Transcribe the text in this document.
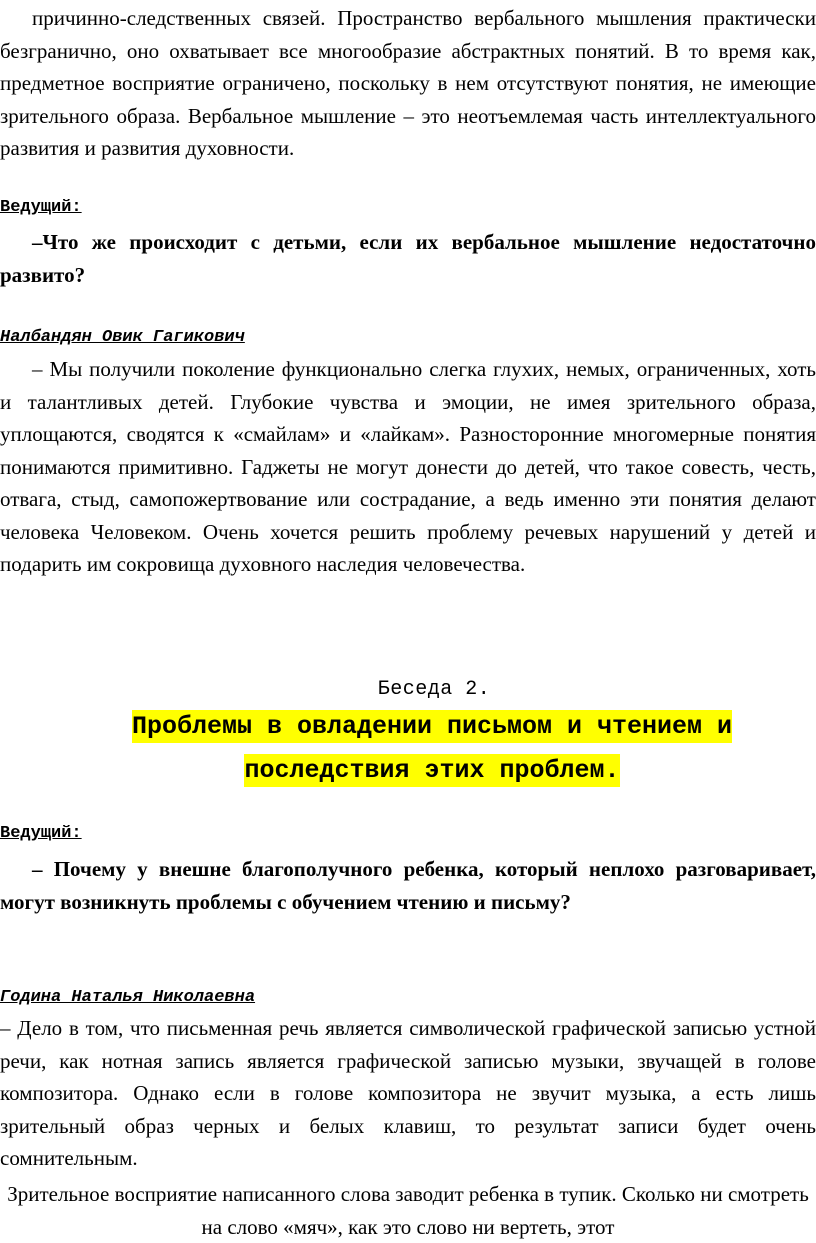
причинно-следственных связей. Пространство вербального мышления практически безгранично, оно охватывает все многообразие абстрактных понятий. В то время как, предметное восприятие ограничено, поскольку в нем отсутствуют понятия, не имеющие зрительного образа. Вербальное мышление – это неотъемлемая часть интеллектуального развития и развития духовности.

Ведущий:

–Что же происходит с детьми, если их вербальное мышление недостаточно развито?

Налбандян Овик Гагикович

– Мы получили поколение функционально слегка глухих, немых, ограниченных, хоть и талантливых детей. Глубокие чувства и эмоции, не имея зрительного образа, уплощаются, сводятся к «смайлам» и «лайкам». Разносторонние многомерные понятия понимаются примитивно. Гаджеты не могут донести до детей, что такое совесть, честь, отвага, стыд, самопожертвование или сострадание, а ведь именно эти понятия делают человека Человеком. Очень хочется решить проблему речевых нарушений у детей и подарить им сокровища духовного наследия человечества.

Беседа 2.

Проблемы в овладении письмом и чтением и последствия этих проблем.

Ведущий:

– Почему у внешне благополучного ребенка, который неплохо разговаривает, могут возникнуть проблемы с обучением чтению и письму?

Година Наталья Николаевна

– Дело в том, что письменная речь является символической графической записью устной речи, как нотная запись является графической записью музыки, звучащей в голове композитора. Однако если в голове композитора не звучит музыка, а есть лишь зрительный образ черных и белых клавиш, то результат записи будет очень сомнительным.

Зрительное восприятие написанного слова заводит ребенка в тупик. Сколько ни смотреть на слово «мяч», как это слово ни вертеть, этот
